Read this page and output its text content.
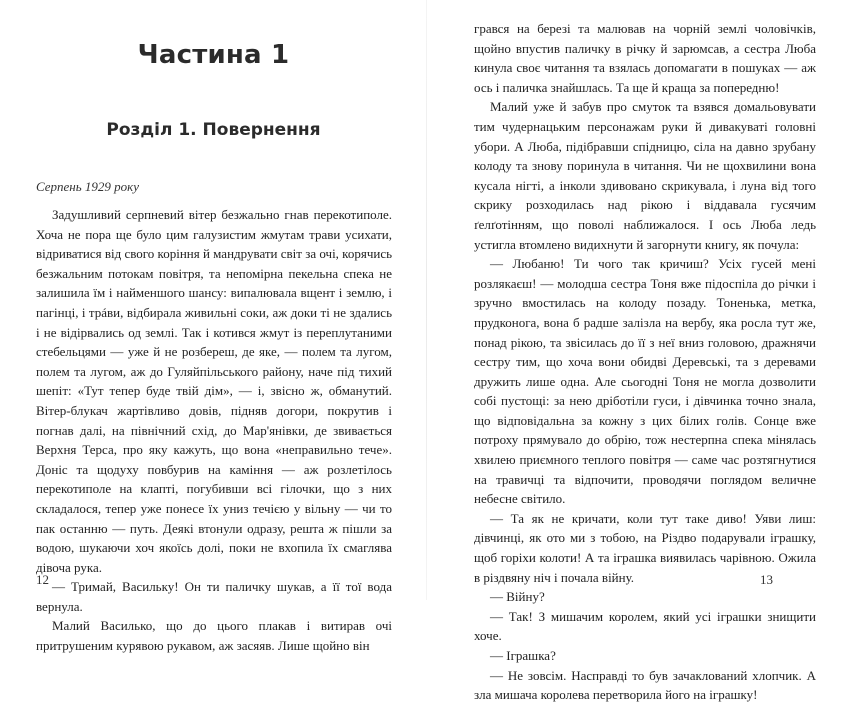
Частина 1
Розділ 1. Повернення
Серпень 1929 року

Задушливий серпневий вітер безжально гнав перекотиполе. Хоча не пора ще було цим галузистим жмутам трави усихати, відриватися від свого коріння й мандрувати світ за очі, корячись безжальним потокам повітря, та непомірна пекельна спека не залишила їм і найменшого шансу: випалювала вщент і землю, і пагінці, і трáви, відбирала живильні соки, аж доки ті не здались і не відірвались од землі. Так і котився жмут із переплутаними стебельцями — уже й не розбереш, де яке, — полем та лугом, полем та лугом, аж до Гуляйпільського району, наче під тихий шепіт: «Тут тепер буде твій дім», — і, звісно ж, обманутий. Вітер-блукач жартівливо довів, підняв догори, покрутив і погнав далі, на північний схід, до Мар'янівки, де звивається Верхня Терса, про яку кажуть, що вона «неправильно тече». Доніс та щодуху повбурив на каміння — аж розлетілось перекотиполе на клапті, погубивши всі гілочки, що з них складалося, тепер уже понесе їх униз течією у вільну — чи то пак останню — путь. Деякі втонули одразу, решта ж пішли за водою, шукаючи хоч якоїсь долі, поки не вхопила їх смаглява дівоча рука.

— Тримай, Васильку! Он ти паличку шукав, а її тої вода вернула.

Малий Василько, що до цього плакав і витирав очі притрушеним курявою рукавом, аж засяяв. Лише щойно він

грався на березі та малював на чорній землі чоловічків, щойно впустив паличку в річку й зарюмсав, а сестра Люба кинула своє читання та взялась допомагати в пошуках — аж ось і паличка знайшлась. Та ще й краща за попередню!

Малий уже й забув про смуток та взявся домальовувати тим чудернацьким персонажам руки й дивакуваті головні убори. А Люба, підібравши спідницю, сіла на давно зрубану колоду та знову поринула в читання. Чи не щохвилини вона кусала нігті, а інколи здивовано скрикувала, і луна від того скрику розходилась над рікою і віддавала гусячим ґелґотінням, що поволі наближалося. І ось Люба ледь устигла втомлено видихнути й загорнути книгу, як почула:

— Любаню! Ти чого так кричиш? Усіх гусей мені розлякаєш! — молодша сестра Тоня вже підоспіла до річки і зручно вмостилась на колоду позаду. Тоненька, метка, прудконога, вона б радше залізла на вербу, яка росла тут же, понад рікою, та звісилась до її з неї вниз головою, дражнячи сестру тим, що хоча вони обидві Деревські, та з деревами дружить лише одна. Але сьогодні Тоня не могла дозволити собі пустощі: за нею дріботіли гуси, і дівчинка точно знала, що відповідальна за кожну з цих білих голів. Сонце вже потроху прямувало до обрію, тож нестерпна спека мінялась хвилею приємного теплого повітря — саме час розтягнутися на травичці та відпочити, проводячи поглядом величне небесне світило.

— Та як не кричати, коли тут таке диво! Уяви лиш: дівчинці, як ото ми з тобою, на Різдво подарували іграшку, щоб горіхи колоти! А та іграшка виявилась чарівною. Ожила в різдвяну ніч і почала війну.

— Війну?

— Так! З мишачим королем, який усі іграшки знищити хоче.

— Іграшка?

— Не зовсім. Насправді то був зачаклований хлопчик. А зла мишача королева перетворила його на іграшку!

12	13
